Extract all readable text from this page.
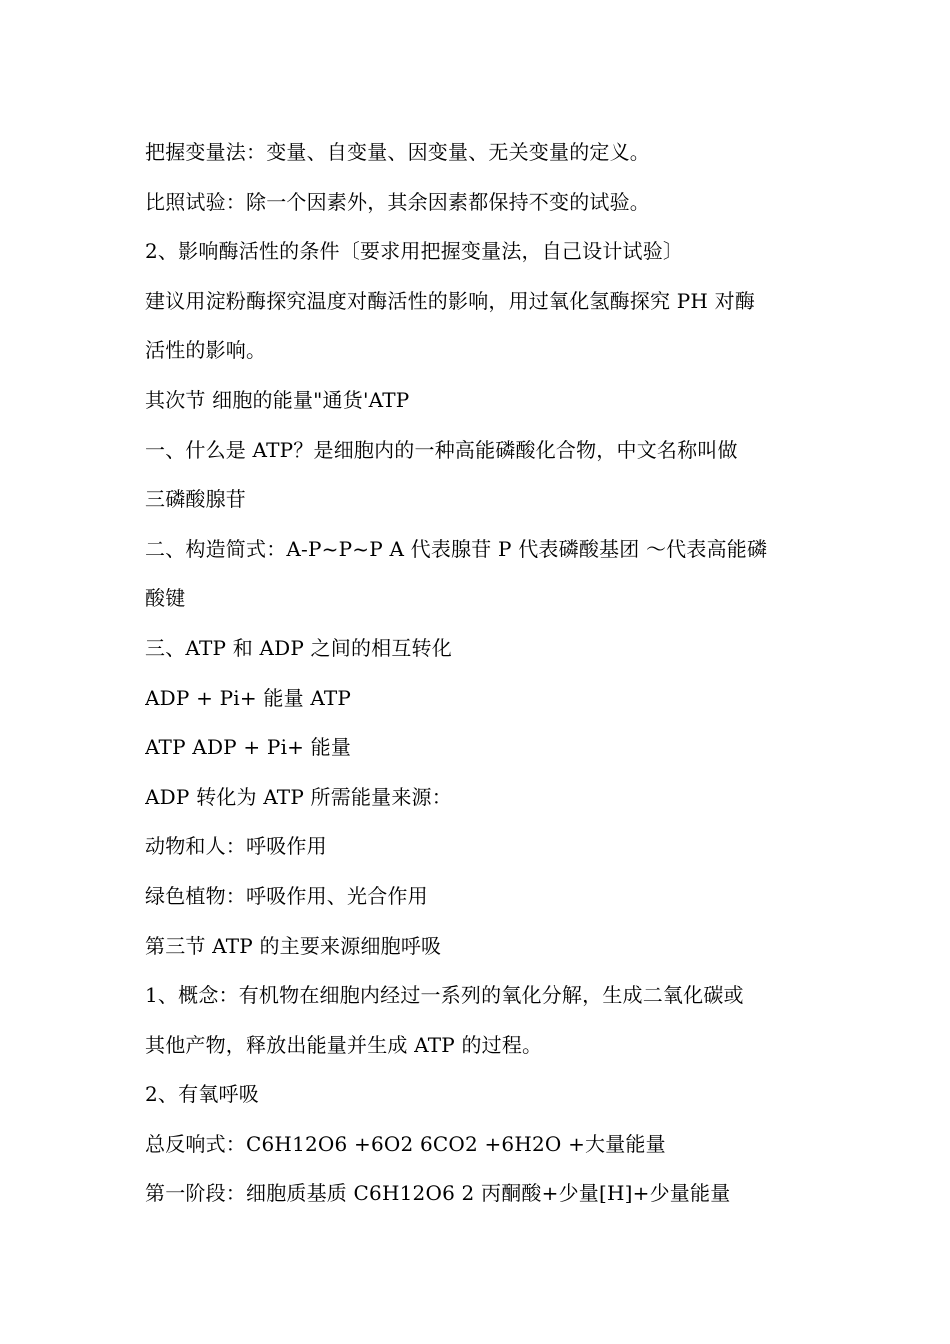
把握变量法：变量、自变量、因变量、无关变量的定义。
比照试验：除一个因素外，其余因素都保持不变的试验。
2、影响酶活性的条件〔要求用把握变量法，自己设计试验〕
建议用淀粉酶探究温度对酶活性的影响，用过氧化氢酶探究 PH 对酶
活性的影响。
其次节 细胞的能量"通货'ATP
一、什么是 ATP？是细胞内的一种高能磷酸化合物，中文名称叫做
三磷酸腺苷
二、构造简式：A-P~P~P A 代表腺苷 P 代表磷酸基团 ～代表高能磷
酸键
三、ATP 和 ADP 之间的相互转化
ADP + Pi+ 能量 ATP
ATP ADP + Pi+ 能量
ADP 转化为 ATP 所需能量来源：
动物和人：呼吸作用
绿色植物：呼吸作用、光合作用
第三节 ATP 的主要来源细胞呼吸
1、概念：有机物在细胞内经过一系列的氧化分解，生成二氧化碳或
其他产物，释放出能量并生成 ATP 的过程。
2、有氧呼吸
总反响式：C6H12O6 +6O2 6CO2 +6H2O +大量能量
第一阶段：细胞质基质 C6H12O6 2 丙酮酸+少量[H]+少量能量
